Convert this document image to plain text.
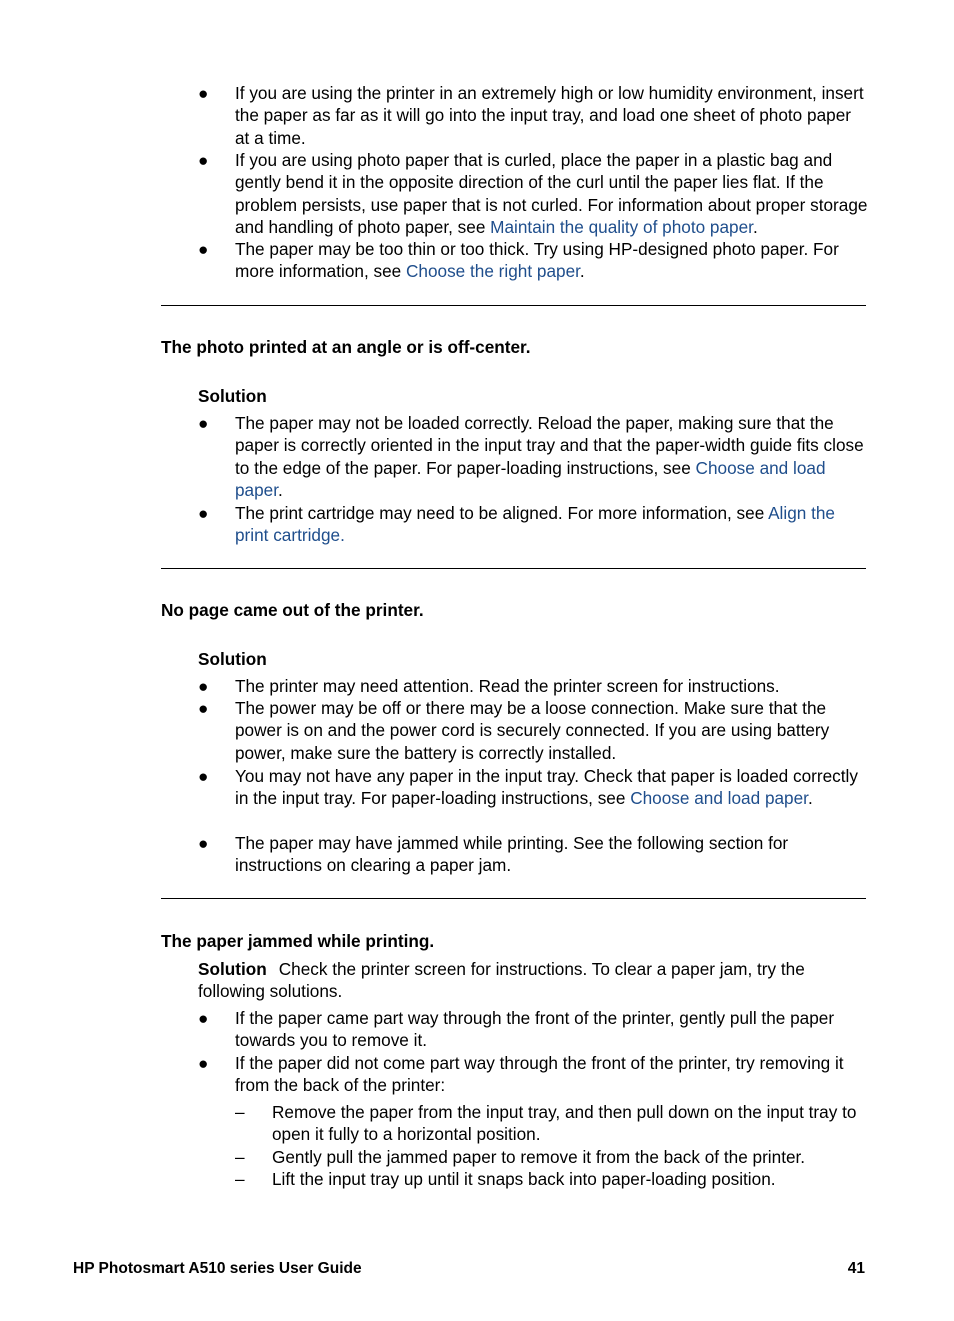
● If you are using the printer in an extremely high or low humidity environment, insert the paper as far as it will go into the input tray, and load one sheet of photo paper at a time.
● If you are using photo paper that is curled, place the paper in a plastic bag and gently bend it in the opposite direction of the curl until the paper lies flat. If the problem persists, use paper that is not curled. For information about proper storage and handling of photo paper, see Maintain the quality of photo paper.
● The paper may be too thin or too thick. Try using HP-designed photo paper. For more information, see Choose the right paper.
The photo printed at an angle or is off-center.
Solution
● The paper may not be loaded correctly. Reload the paper, making sure that the paper is correctly oriented in the input tray and that the paper-width guide fits close to the edge of the paper. For paper-loading instructions, see Choose and load paper.
● The print cartridge may need to be aligned. For more information, see Align the print cartridge.
No page came out of the printer.
Solution
● The printer may need attention. Read the printer screen for instructions.
● The power may be off or there may be a loose connection. Make sure that the power is on and the power cord is securely connected. If you are using battery power, make sure the battery is correctly installed.
● You may not have any paper in the input tray. Check that paper is loaded correctly in the input tray. For paper-loading instructions, see Choose and load paper.
● The paper may have jammed while printing. See the following section for instructions on clearing a paper jam.
The paper jammed while printing.
Solution Check the printer screen for instructions. To clear a paper jam, try the following solutions.
● If the paper came part way through the front of the printer, gently pull the paper towards you to remove it.
● If the paper did not come part way through the front of the printer, try removing it from the back of the printer:
– Remove the paper from the input tray, and then pull down on the input tray to open it fully to a horizontal position.
– Gently pull the jammed paper to remove it from the back of the printer.
– Lift the input tray up until it snaps back into paper-loading position.
HP Photosmart A510 series User Guide	41
